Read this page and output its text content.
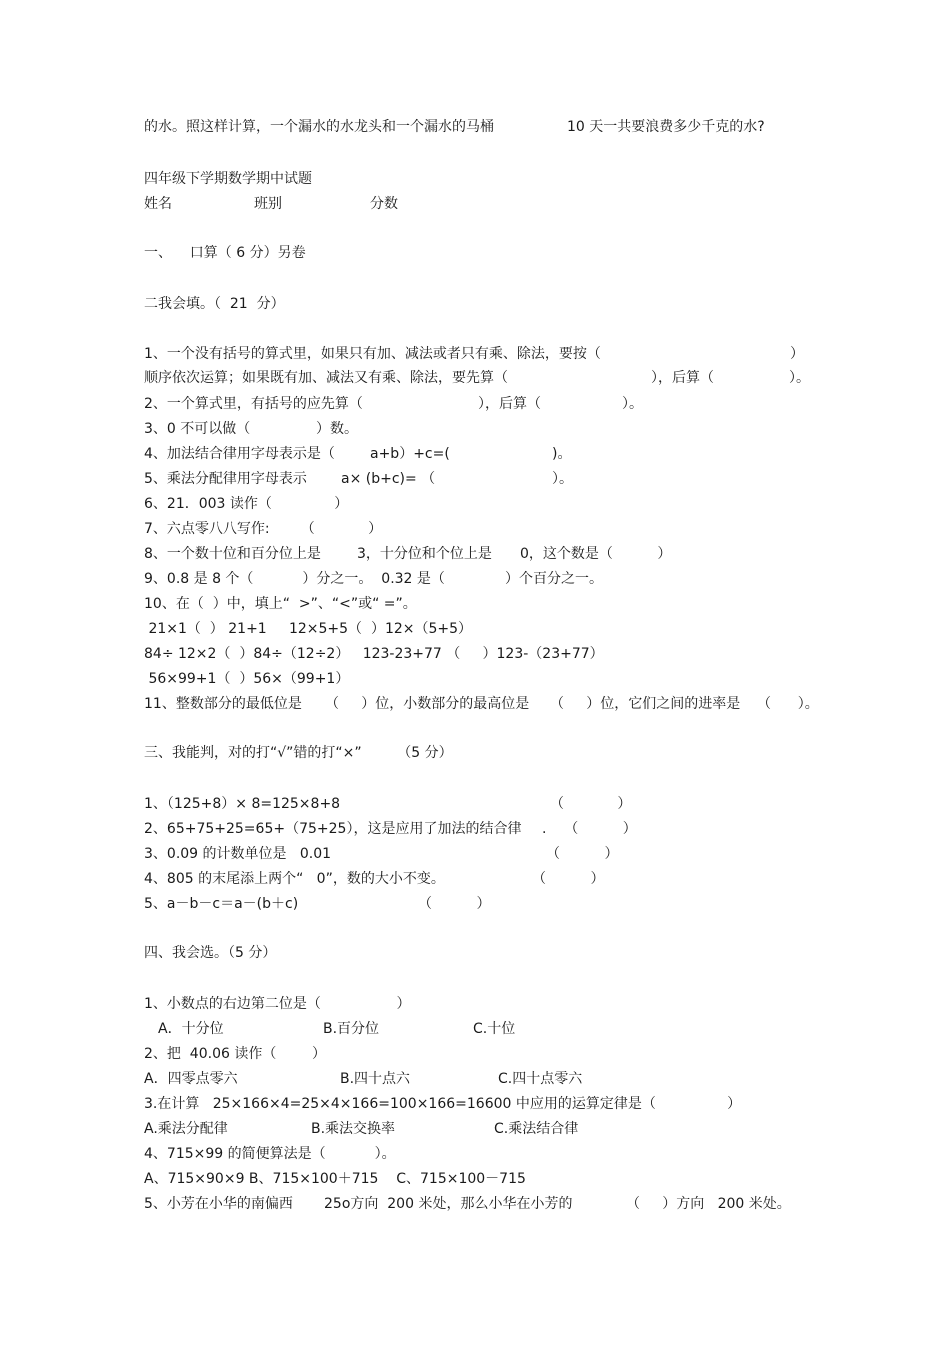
的水。照这样计算，一个漏水的水龙头和一个漏水的马桶	10 天一共要浪费多少千克的水?
四年级下学期数学期中试题
姓名	班别	分数
一、    口算（ 6 分）另卷
二我会填。（  21  分）
1、一个没有括号的算式里，如果只有加、减法或者只有乘、除法，要按（	）
顺序依次运算；如果既有加、减法又有乘、除法，要先算（	），后算（	）。
2、一个算式里，有括号的应先算（	），后算（	）。
3、0 不可以做（	）数。
4、加法结合律用字母表示是（	a+b）+c=(	)。
5、乘法分配律用字母表示 a× (b+c)= （	）。
6、21．003 读作（              ）
7、六点零八八写作:       （            ）
8、一个数十位和百分位上是	3，十分位和个位上是 0，这个数是（          ）
9、0.8 是 8 个（           ）分之一。  0.32 是（	）个百分之一。
10、在（  ）中，填上“  >”、“<”或“ =”。
21×1（  ） 21+1     12×5+5（  ）12×（5+5）
84÷ 12×2（  ）84÷（12÷2）   123-23+77 （     ）123-（23+77）
56×99+1（  ）56×（99+1）
11、整数部分的最低位是 （     ）位，小数部分的最高位是 （     ）位，它们之间的进率是 （      ）。
三、我能判，对的打“√”错的打“×”        （5 分）
1、（125+8）× 8=125×8+8	（            ）
2、65+75+25=65+（75+25），这是应用了加法的结合律 .    （          ）
3、0.09 的计数单位是   0.01	（          ）
4、805 的末尾添上两个“   0”，数的大小不变。	（          ）
5、a－b－c＝a－(b＋c)	（          ）
四、我会选。（5 分）
1、小数点的右边第二位是（                 ）
A．十分位	B.百分位	C.十位
2、把  40.06 读作（        ）
A．四零点零六	B.四十点六	C.四十点零六
3.在计算   25×166×4=25×4×166=100×166=16600 中应用的运算定律是（                ）
A.乘法分配律	B.乘法交换率	C.乘法结合律
4、715×99 的简便算法是（           ）。
A、715×90×9 B、715×100＋715    C、715×100－715
5、小芳在小华的南偏西 25o方向  200 米处，那么小华在小芳的	（     ）方向   200 米处。
